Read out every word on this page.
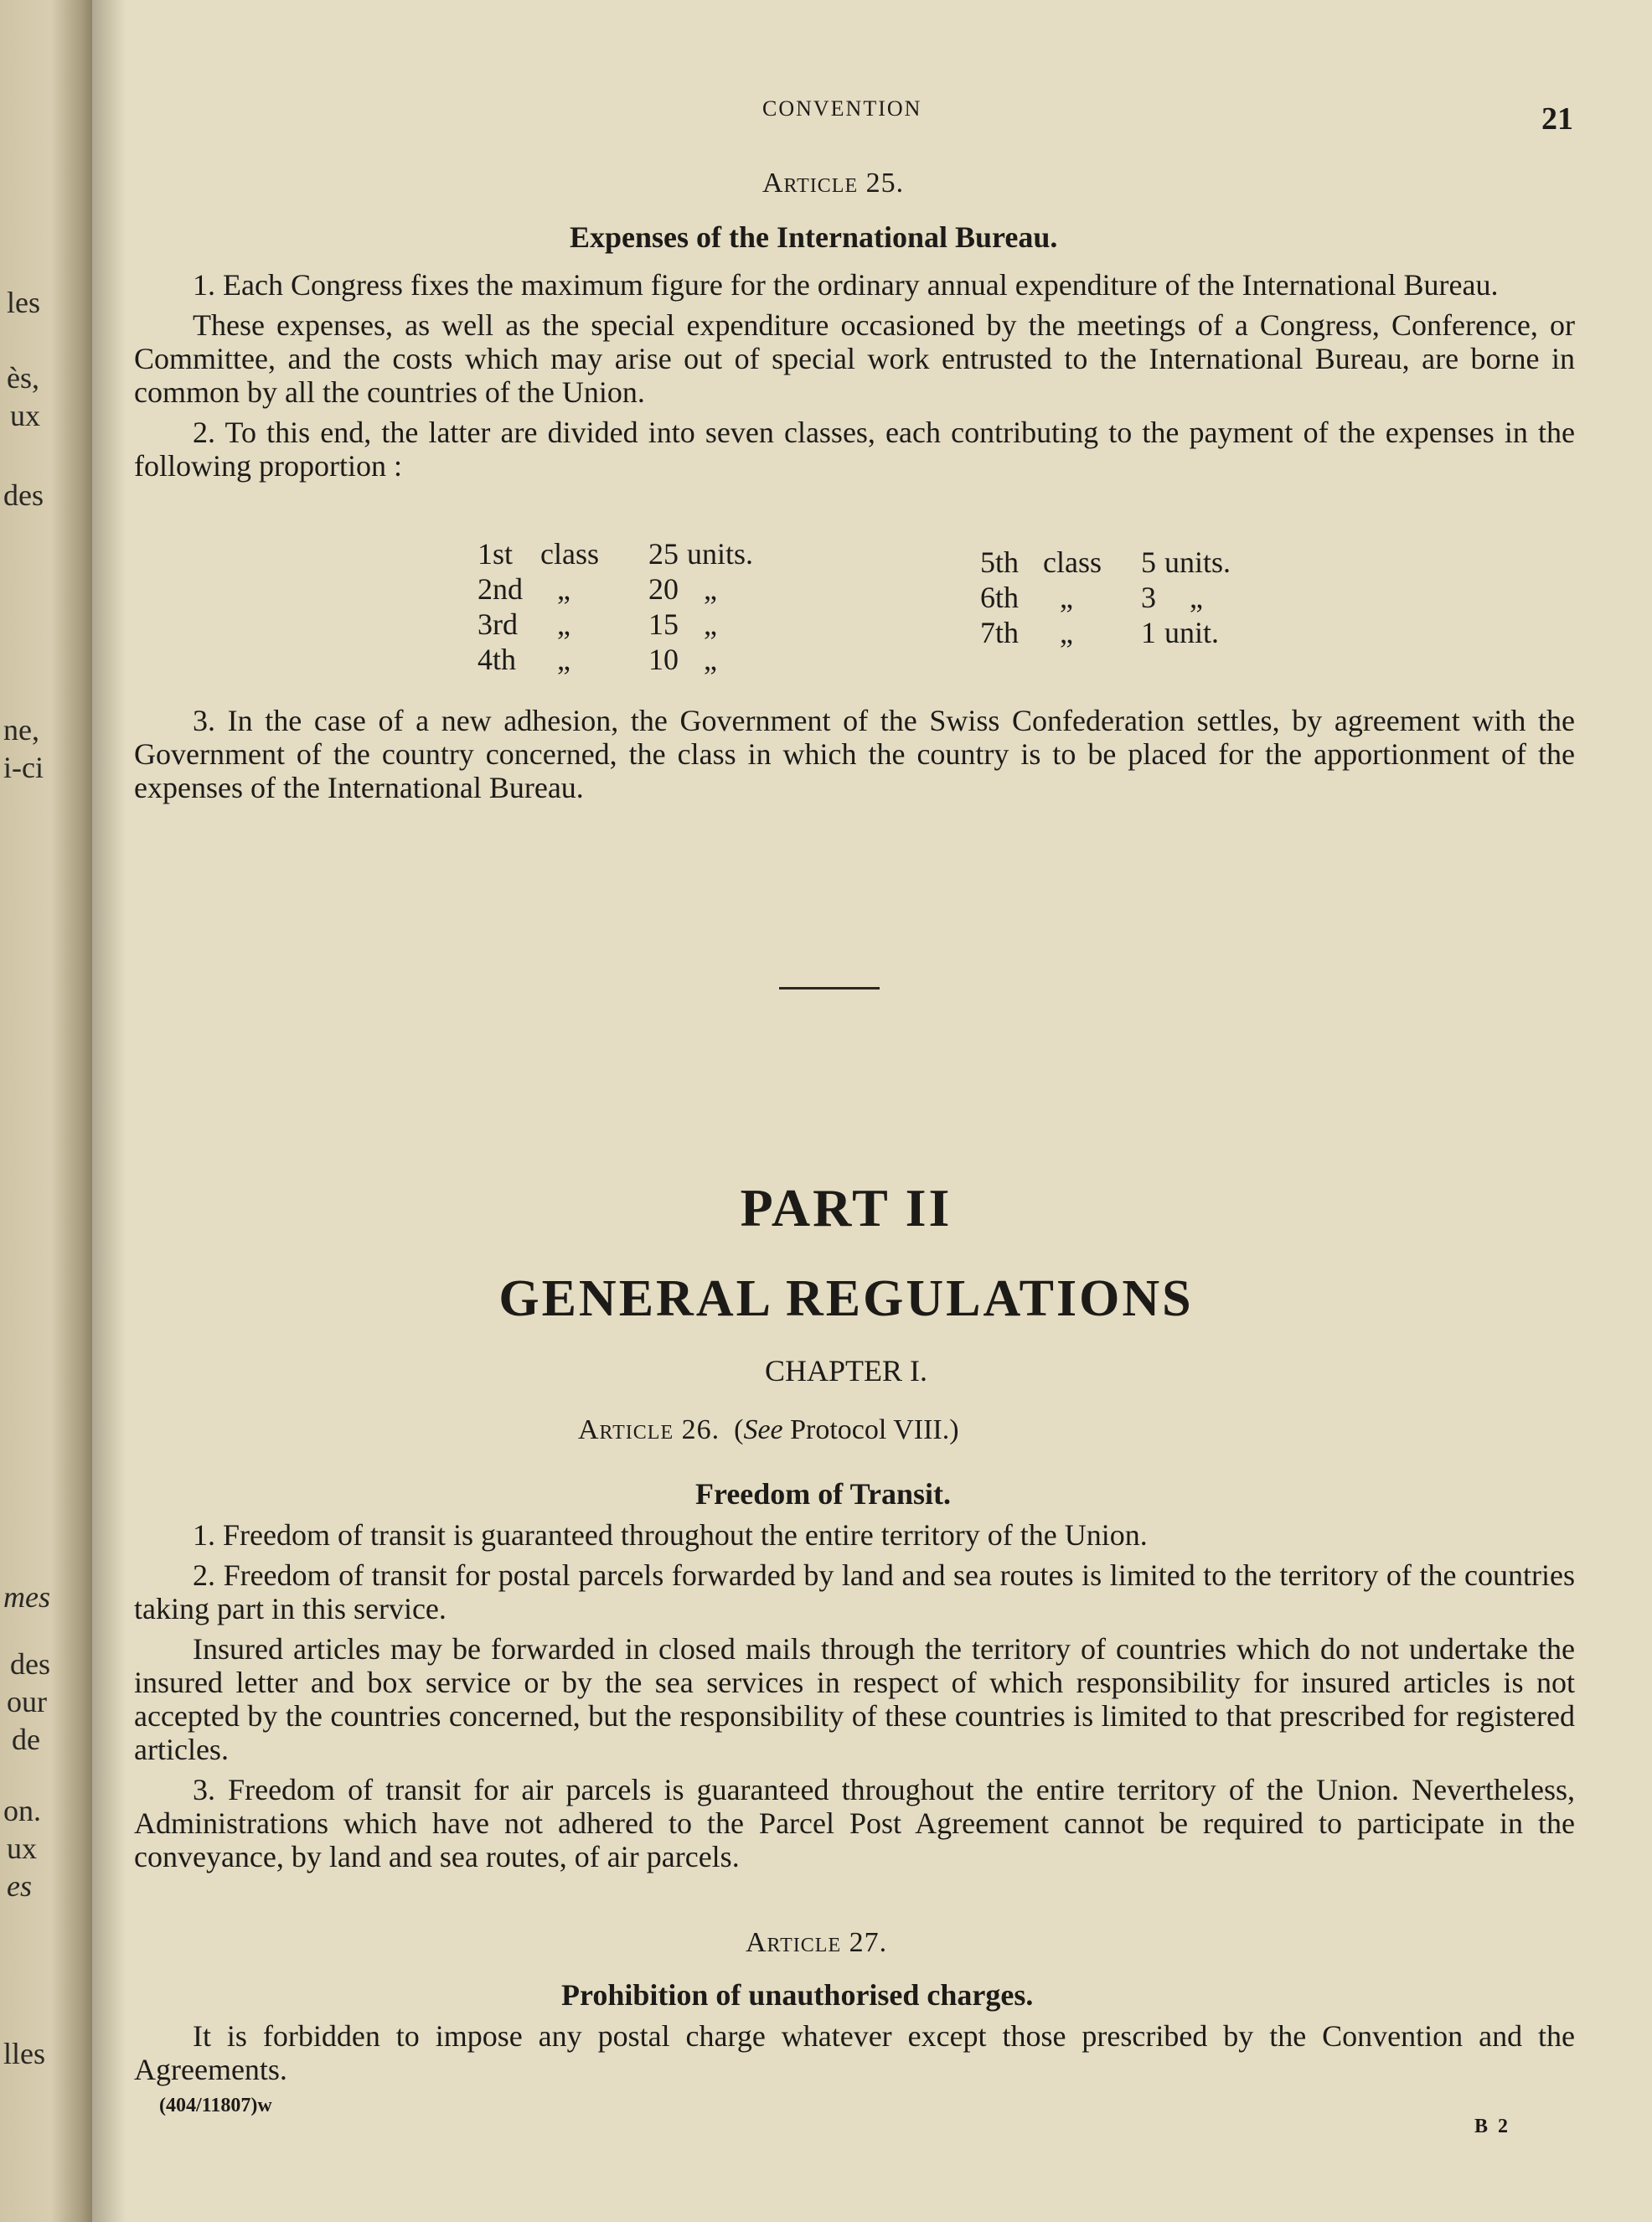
les
ès,
ux
des
ne,
i-ci
mes
des
our
de
on.
ux
es
lles
CONVENTION	21
Article 25.
Expenses of the International Bureau.

1. Each Congress fixes the maximum figure for the ordinary annual expenditure of the International Bureau.

These expenses, as well as the special expenditure occasioned by the meetings of a Congress, Conference, or Committee, and the costs which may arise out of special work entrusted to the International Bureau, are borne in common by all the countries of the Union.

2. To this end, the latter are divided into seven classes, each contributing to the payment of the expenses in the following proportion :

1st class	25 units.
2nd	„	20 „
3rd	„	15 „
4th	„	10 „
5th class	5 units.
6th	„	3	„
7th	„	1 unit.

3. In the case of a new adhesion, the Government of the Swiss Confederation settles, by agreement with the Government of the country concerned, the class in which the country is to be placed for the apportionment of the expenses of the International Bureau.

PART II
GENERAL REGULATIONS
CHAPTER I.
Article 26.  (See Protocol VIII.)
Freedom of Transit.

1. Freedom of transit is guaranteed throughout the entire territory of the Union.

2. Freedom of transit for postal parcels forwarded by land and sea routes is limited to the territory of the countries taking part in this service.

Insured articles may be forwarded in closed mails through the territory of countries which do not undertake the insured letter and box service or by the sea services in respect of which responsibility for insured articles is not accepted by the countries concerned, but the responsibility of these countries is limited to that prescribed for registered articles.

3. Freedom of transit for air parcels is guaranteed throughout the entire territory of the Union. Nevertheless, Administrations which have not adhered to the Parcel Post Agreement cannot be required to participate in the conveyance, by land and sea routes, of air parcels.

Article 27.
Prohibition of unauthorised charges.

It is forbidden to impose any postal charge whatever except those prescribed by the Convention and the Agreements.

(404/11807)w
B 2
